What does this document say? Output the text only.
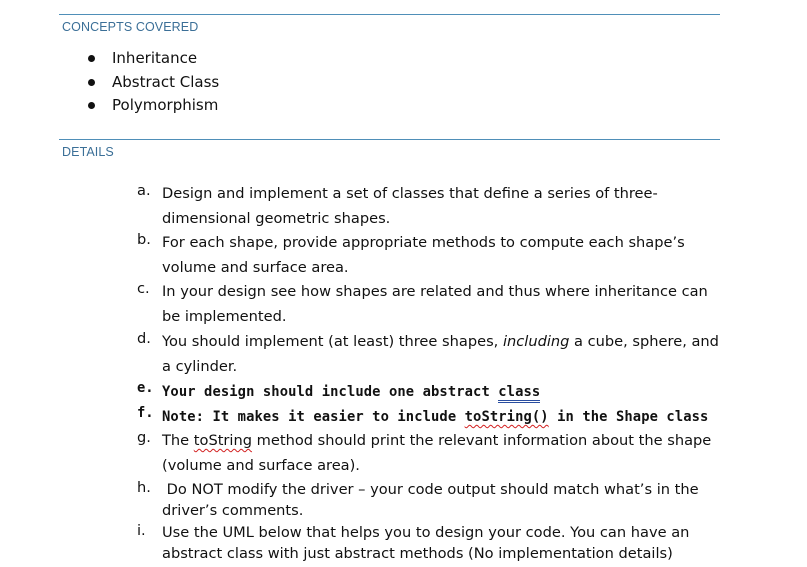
CONCEPTS COVERED
Inheritance
Abstract Class
Polymorphism
DETAILS
a. Design and implement a set of classes that define a series of three-dimensional geometric shapes.
b. For each shape, provide appropriate methods to compute each shape’s volume and surface area.
c. In your design see how shapes are related and thus where inheritance can be implemented.
d. You should implement (at least) three shapes, including a cube, sphere, and a cylinder.
e. Your design should include one abstract class
f. Note: It makes it easier to include toString() in the Shape class
g. The toString method should print the relevant information about the shape (volume and surface area).
h. Do NOT modify the driver – your code output should match what’s in the driver’s comments.
i.	Use the UML below that helps you to design your code. You can have an abstract class with just abstract methods (No implementation details)
